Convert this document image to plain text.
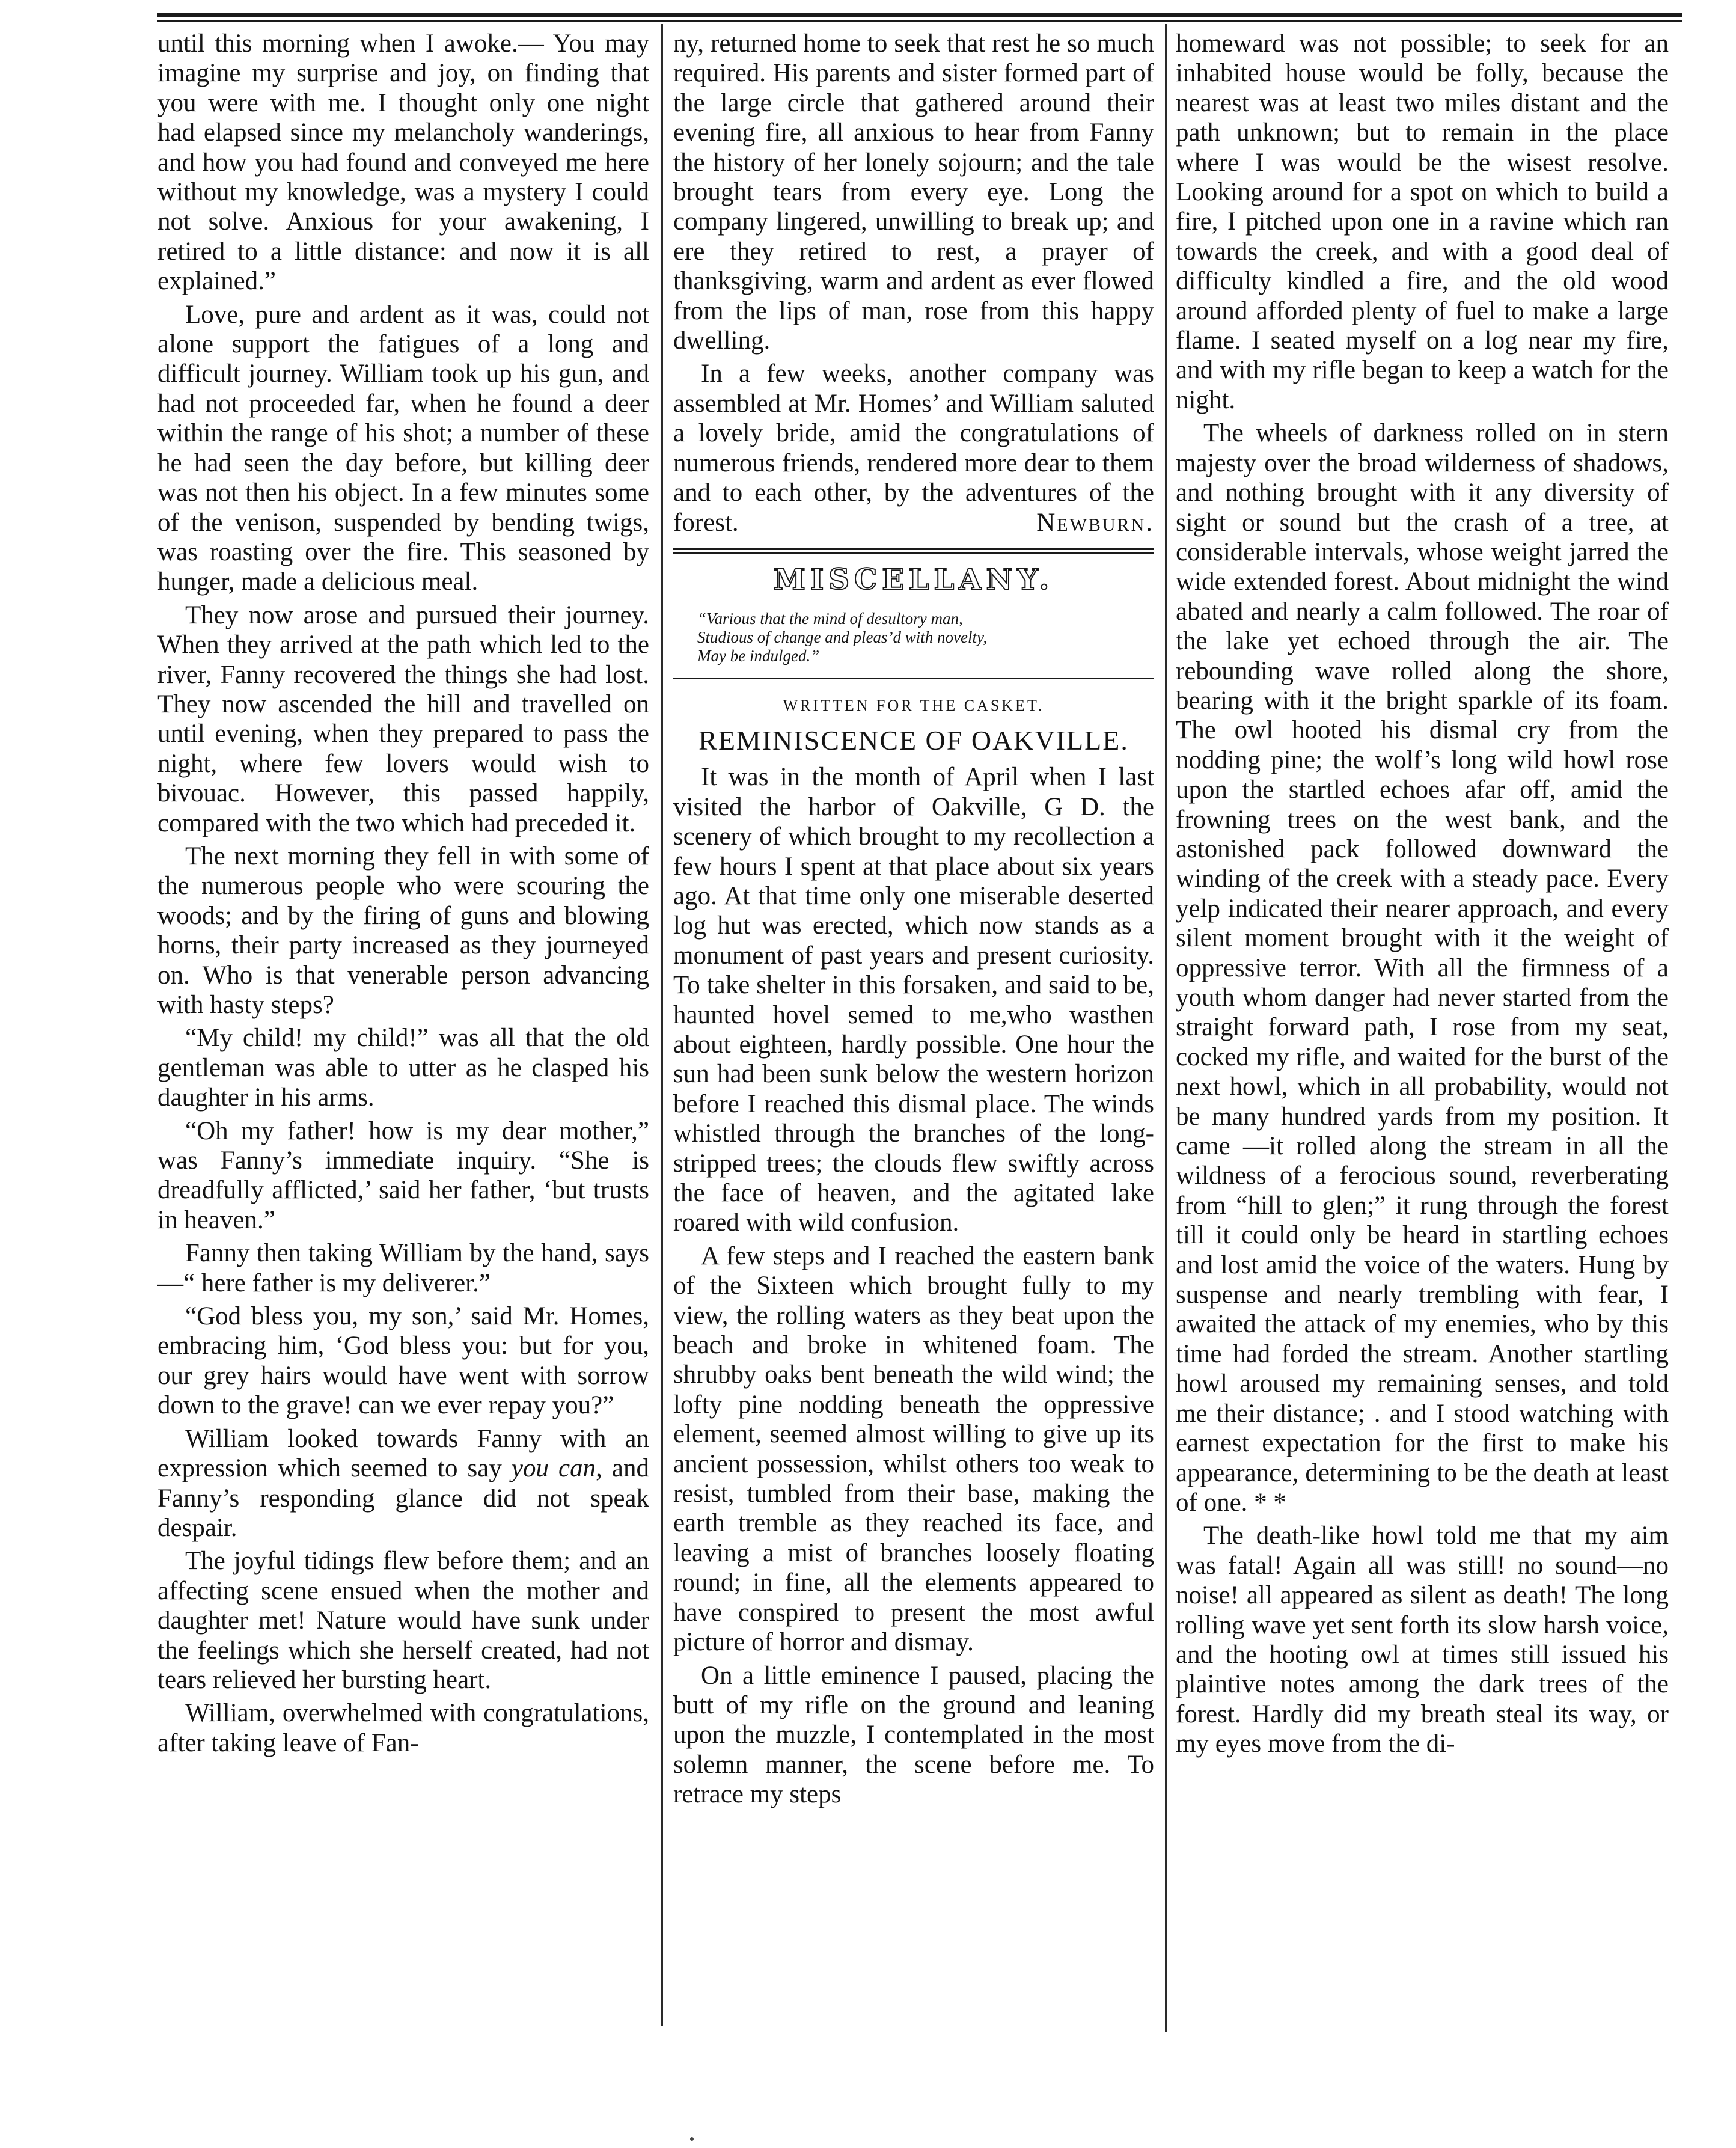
until this morning when I awoke.— You may imagine my surprise and joy, on finding that you were with me. I thought only one night had elapsed since my melancholy wanderings, and how you had found and conveyed me here without my knowledge, was a mystery I could not solve. Anxious for your awakening, I retired to a little distance: and now it is all explained.”

Love, pure and ardent as it was, could not alone support the fatigues of a long and difficult journey. William took up his gun, and had not proceeded far, when he found a deer within the range of his shot; a number of these he had seen the day before, but killing deer was not then his object. In a few minutes some of the venison, suspended by bending twigs, was roasting over the fire. This seasoned by hunger, made a delicious meal.

They now arose and pursued their journey. When they arrived at the path which led to the river, Fanny recovered the things she had lost. They now ascended the hill and travelled on until evening, when they prepared to pass the night, where few lovers would wish to bivouac. However, this passed happily, compared with the two which had preceded it.

The next morning they fell in with some of the numerous people who were scouring the woods; and by the firing of guns and blowing horns, their party increased as they journeyed on. Who is that venerable person advancing with hasty steps?

“My child! my child!” was all that the old gentleman was able to utter as he clasped his daughter in his arms.

“Oh my father! how is my dear mother,” was Fanny’s immediate inquiry. “She is dreadfully afflicted,’ said her father, ‘but trusts in heaven.”

Fanny then taking William by the hand, says—“ here father is my deliverer.”

“God bless you, my son,’ said Mr. Homes, embracing him, ‘God bless you: but for you, our grey hairs would have went with sorrow down to the grave! can we ever repay you?”

William looked towards Fanny with an expression which seemed to say you can, and Fanny’s responding glance did not speak despair.

The joyful tidings flew before them; and an affecting scene ensued when the mother and daughter met! Nature would have sunk under the feelings which she herself created, had not tears relieved her bursting heart.

William, overwhelmed with congratulations, after taking leave of Fan-

ny, returned home to seek that rest he so much required. His parents and sister formed part of the large circle that gathered around their evening fire, all anxious to hear from Fanny the history of her lonely sojourn; and the tale brought tears from every eye. Long the company lingered, unwilling to break up; and ere they retired to rest, a prayer of thanksgiving, warm and ardent as ever flowed from the lips of man, rose from this happy dwelling.

In a few weeks, another company was assembled at Mr. Homes’ and William saluted a lovely bride, amid the congratulations of numerous friends, rendered more dear to them and to each other, by the adventures of the forest.	Newburn.

MISCELLANY.
“Various that the mind of desultory man,
Studious of change and pleas’d with novelty,
May be indulged.”
WRITTEN FOR THE CASKET.
REMINISCENCE OF OAKVILLE.

It was in the month of April when I last visited the harbor of Oakville, G D. the scenery of which brought to my recollection a few hours I spent at that place about six years ago. At that time only one miserable deserted log hut was erected, which now stands as a monument of past years and present curiosity. To take shelter in this forsaken, and said to be, haunted hovel semed to me,who wasthen about eighteen, hardly possible. One hour the sun had been sunk below the western horizon before I reached this dismal place. The winds whistled through the branches of the long-stripped trees; the clouds flew swiftly across the face of heaven, and the agitated lake roared with wild confusion.

A few steps and I reached the eastern bank of the Sixteen which brought fully to my view, the rolling waters as they beat upon the beach and broke in whitened foam. The shrubby oaks bent beneath the wild wind; the lofty pine nodding beneath the oppressive element, seemed almost willing to give up its ancient possession, whilst others too weak to resist, tumbled from their base, making the earth tremble as they reached its face, and leaving a mist of branches loosely floating round; in fine, all the elements appeared to have conspired to present the most awful picture of horror and dismay.

On a little eminence I paused, placing the butt of my rifle on the ground and leaning upon the muzzle, I contemplated in the most solemn manner, the scene before me. To retrace my steps

homeward was not possible; to seek for an inhabited house would be folly, because the nearest was at least two miles distant and the path unknown; but to remain in the place where I was would be the wisest resolve. Looking around for a spot on which to build a fire, I pitched upon one in a ravine which ran towards the creek, and with a good deal of difficulty kindled a fire, and the old wood around afforded plenty of fuel to make a large flame. I seated myself on a log near my fire, and with my rifle began to keep a watch for the night.

The wheels of darkness rolled on in stern majesty over the broad wilderness of shadows, and nothing brought with it any diversity of sight or sound but the crash of a tree, at considerable intervals, whose weight jarred the wide extended forest. About midnight the wind abated and nearly a calm followed. The roar of the lake yet echoed through the air. The rebounding wave rolled along the shore, bearing with it the bright sparkle of its foam. The owl hooted his dismal cry from the nodding pine; the wolf’s long wild howl rose upon the startled echoes afar off, amid the frowning trees on the west bank, and the astonished pack followed downward the winding of the creek with a steady pace. Every yelp indicated their nearer approach, and every silent moment brought with it the weight of oppressive terror. With all the firmness of a youth whom danger had never started from the straight forward path, I rose from my seat, cocked my rifle, and waited for the burst of the next howl, which in all probability, would not be many hundred yards from my position. It came —it rolled along the stream in all the wildness of a ferocious sound, reverberating from “hill to glen;” it rung through the forest till it could only be heard in startling echoes and lost amid the voice of the waters. Hung by suspense and nearly trembling with fear, I awaited the attack of my enemies, who by this time had forded the stream. Another startling howl aroused my remaining senses, and told me their distance; . and I stood watching with earnest expectation for the first to make his appearance, determining to be the death at least of one. * *

The death-like howl told me that my aim was fatal! Again all was still! no sound—no noise! all appeared as silent as death! The long rolling wave yet sent forth its slow harsh voice, and the hooting owl at times still issued his plaintive notes among the dark trees of the forest. Hardly did my breath steal its way, or my eyes move from the di-
